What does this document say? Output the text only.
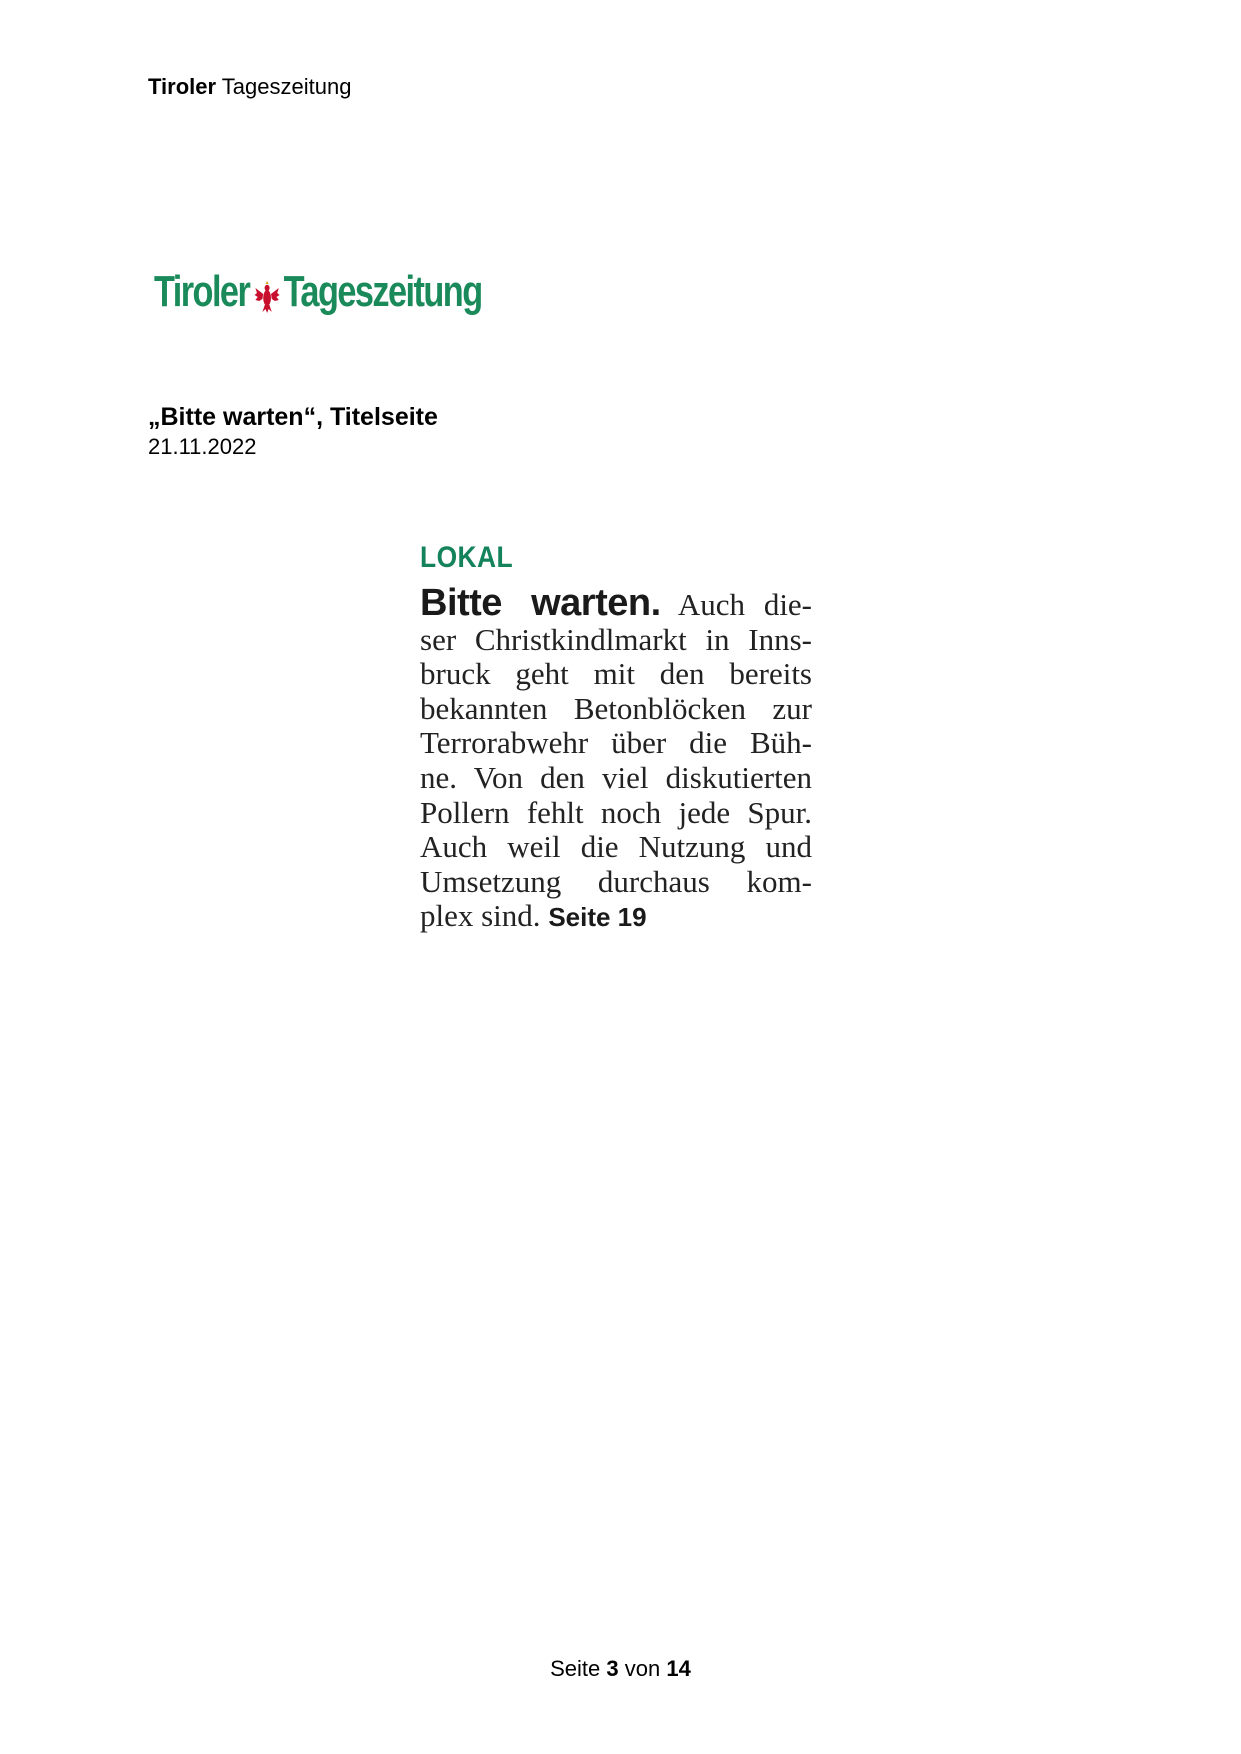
Tiroler Tageszeitung
Tiroler Tageszeitung
„Bitte warten“, Titelseite
21.11.2022
LOKAL
Bitte warten. Auch die-
ser Christkindlmarkt in Inns-
bruck geht mit den bereits
bekannten Betonblöcken zur
Terrorabwehr über die Büh-
ne. Von den viel diskutierten
Pollern fehlt noch jede Spur.
Auch weil die Nutzung und
Umsetzung durchaus kom-
plex sind. Seite 19
Seite 3 von 14
